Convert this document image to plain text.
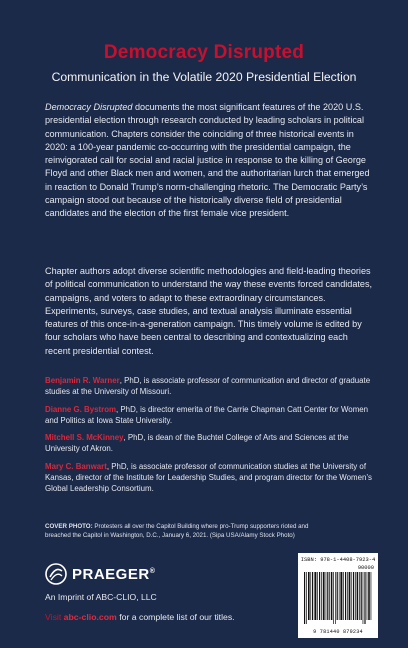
Democracy Disrupted
Communication in the Volatile 2020 Presidential Election

Democracy Disrupted documents the most significant features of the 2020 U.S. presidential election through research conducted by leading scholars in political communication. Chapters consider the coinciding of three historical events in 2020: a 100-year pandemic co-occurring with the presidential campaign, the reinvigorated call for social and racial justice in response to the killing of George Floyd and other Black men and women, and the authoritarian lurch that emerged in reaction to Donald Trump’s norm-challenging rhetoric. The Democratic Party’s campaign stood out because of the historically diverse field of presidential candidates and the election of the first female vice president.

Chapter authors adopt diverse scientific methodologies and field-leading theories of political communication to understand the way these events forced candidates, campaigns, and voters to adapt to these extraordinary circumstances. Experiments, surveys, case studies, and textual analysis illuminate essential features of this once-in-a-generation campaign. This timely volume is edited by four scholars who have been central to describing and contextualizing each recent presidential contest.

Benjamin R. Warner, PhD, is associate professor of communication and director of graduate studies at the University of Missouri.

Dianne G. Bystrom, PhD, is director emerita of the Carrie Chapman Catt Center for Women and Politics at Iowa State University.

Mitchell S. McKinney, PhD, is dean of the Buchtel College of Arts and Sciences at the University of Akron.

Mary C. Banwart, PhD, is associate professor of communication studies at the University of Kansas, director of the Institute for Leadership Studies, and program director for the Women’s Global Leadership Consortium.

COVER PHOTO: Protesters all over the Capitol Building where pro-Trump supporters rioted and breached the Capitol in Washington, D.C., January 6, 2021. (Sipa USA/Alamy Stock Photo)
PRAEGER®
An Imprint of ABC-CLIO, LLC
Visit abc-clio.com for a complete list of our titles.
ISBN: 978-1-4408-7923-4
90000
9 781440 879234
